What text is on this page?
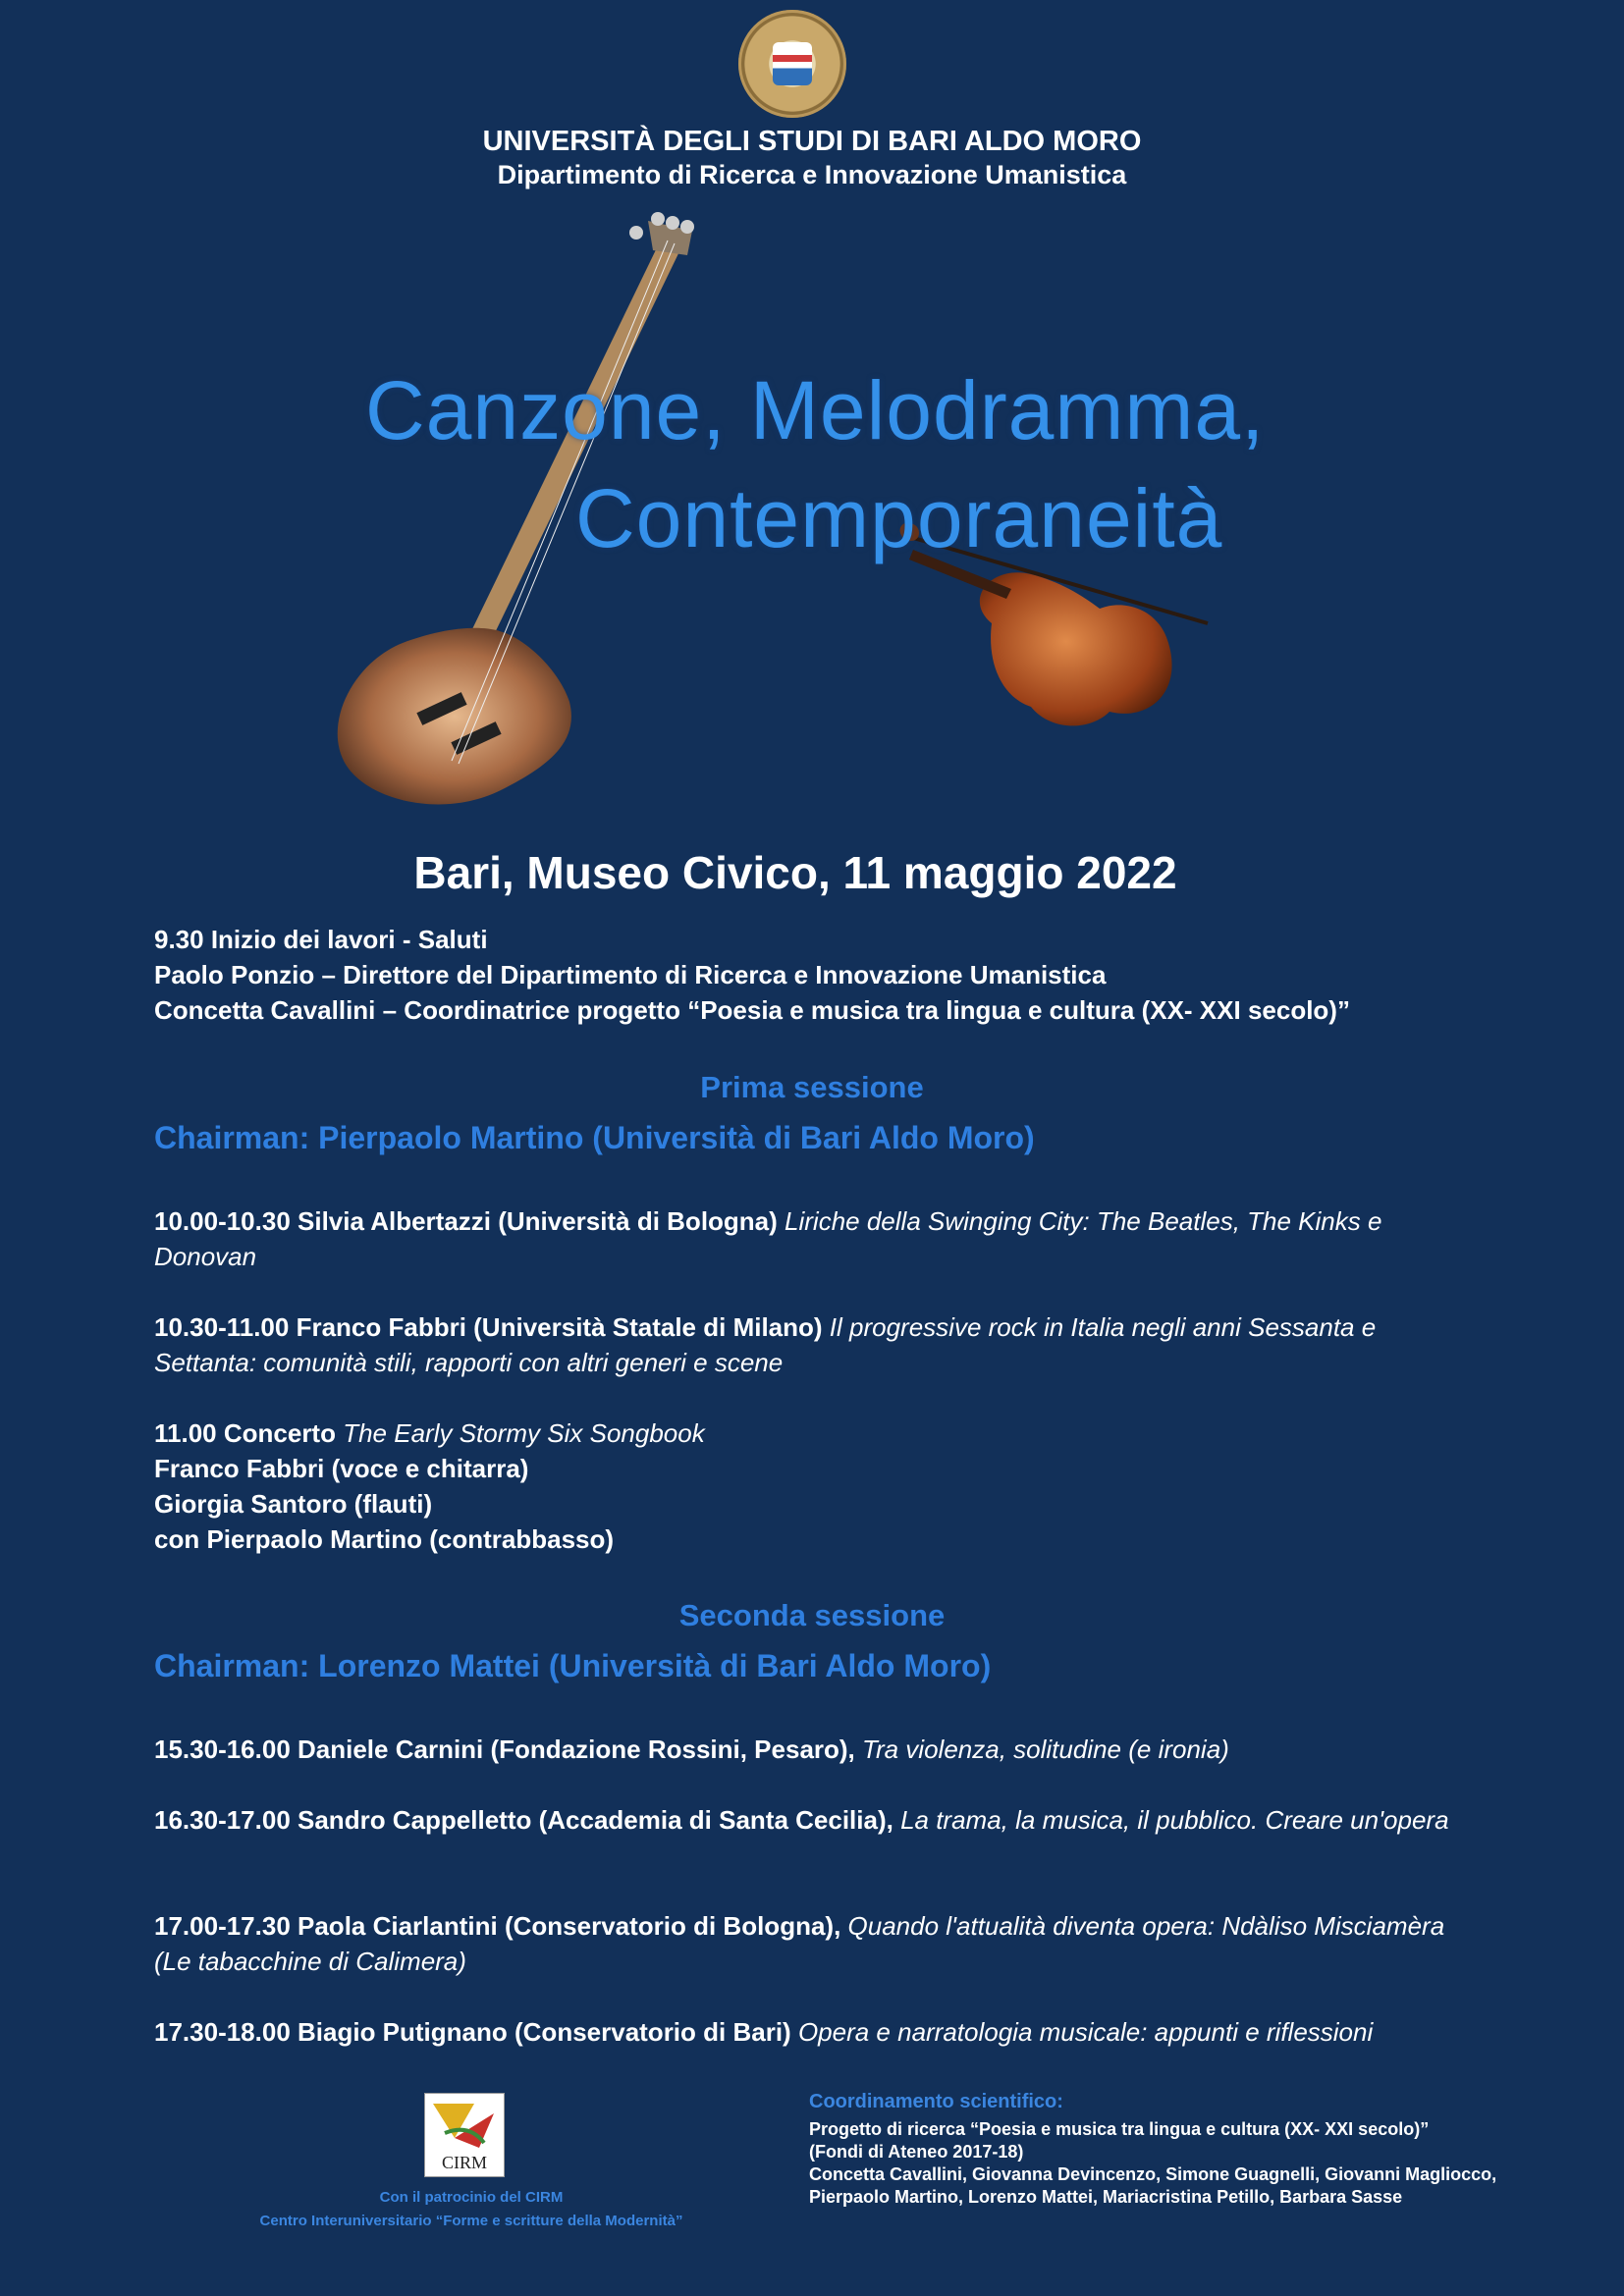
UNIVERSITÀ DEGLI STUDI DI BARI ALDO MORO
Dipartimento di Ricerca e Innovazione Umanistica
Canzone, Melodramma,
Contemporaneità
Bari, Museo Civico, 11 maggio 2022
9.30 Inizio dei lavori - Saluti
Paolo Ponzio – Direttore del Dipartimento di Ricerca e Innovazione Umanistica
Concetta Cavallini – Coordinatrice progetto “Poesia e musica tra lingua e cultura (XX- XXI secolo)”
Prima sessione
Chairman: Pierpaolo Martino (Università di Bari Aldo Moro)
10.00-10.30 Silvia Albertazzi (Università di Bologna) Liriche della Swinging City: The Beatles, The Kinks e Donovan
10.30-11.00 Franco Fabbri (Università Statale di Milano) Il progressive rock in Italia negli anni Sessanta e Settanta: comunità stili, rapporti con altri generi e scene
11.00 Concerto The Early Stormy Six Songbook
Franco Fabbri (voce e chitarra)
Giorgia Santoro (flauti)
con Pierpaolo Martino (contrabbasso)
Seconda sessione
Chairman: Lorenzo Mattei (Università di Bari Aldo Moro)
15.30-16.00 Daniele Carnini (Fondazione Rossini, Pesaro), Tra violenza, solitudine (e ironia)
16.30-17.00 Sandro Cappelletto (Accademia di Santa Cecilia), La trama, la musica, il pubblico. Creare un'opera
17.00-17.30 Paola Ciarlantini (Conservatorio di Bologna), Quando l'attualità diventa opera: Ndàliso Misciamèra (Le tabacchine di Calimera)
17.30-18.00 Biagio Putignano (Conservatorio di Bari) Opera e narratologia musicale: appunti e riflessioni
CIRM
Con il patrocinio del CIRM
Centro Interuniversitario “Forme e scritture della Modernità”
Coordinamento scientifico:
Progetto di ricerca “Poesia e musica tra lingua e cultura (XX- XXI secolo)”
(Fondi di Ateneo 2017-18)
Concetta Cavallini, Giovanna Devincenzo, Simone Guagnelli, Giovanni Magliocco, Pierpaolo Martino, Lorenzo Mattei, Mariacristina Petillo, Barbara Sasse
